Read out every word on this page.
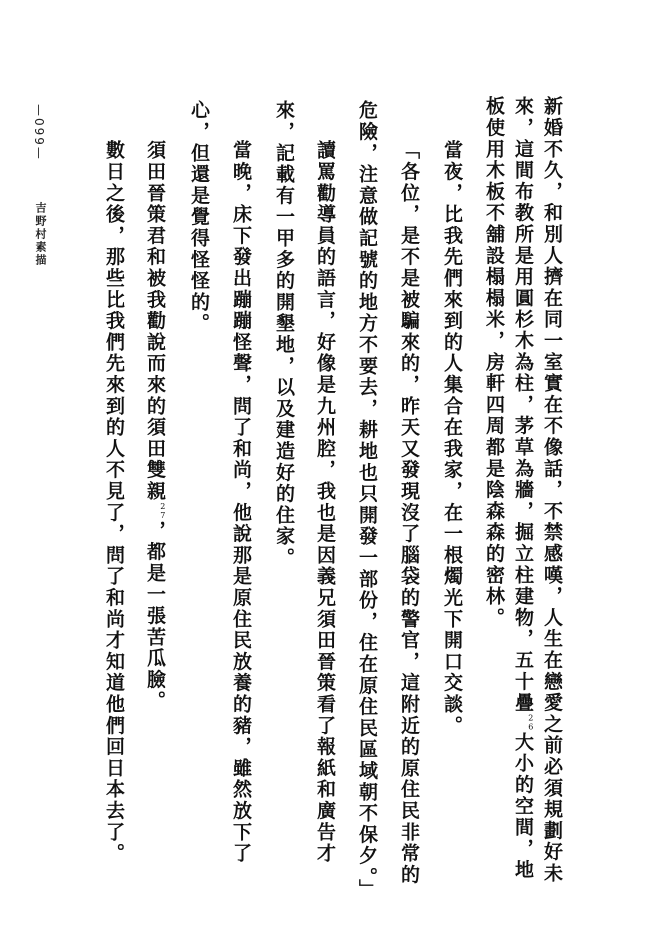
新婚不久，和別人擠在同一室實在不像話，不禁感嘆，人生在戀愛之前必須規劃好未
來，這間布教所是用圓杉木為柱，茅草為牆，掘立柱建物，五十疊$^{26}$大小的空間，地
板使用木板不舖設榻榻米，房軒四周都是陰森森的密林。
當夜，比我先們來到的人集合在我家，在一根燭光下開口交談。
「各位，是不是被騙來的，昨天又發現沒了腦袋的警官，這附近的原住民非常的
危險，注意做記號的地方不要去，耕地也只開發一部份，住在原住民區域朝不保夕。」
讀罵勸導員的語言，好像是九州腔，我也是因義兄須田晉策看了報紙和廣告才
來，記載有一甲多的開墾地，以及建造好的住家。
當晚，床下發出蹦蹦怪聲，問了和尚，他說那是原住民放養的豬，雖然放下了
心，但還是覺得怪怪的。
須田晉策君和被我勸說而來的須田雙親$^{27}$，都是一張苦瓜臉。
數日之後，那些比我們先來到的人不見了，問了和尚才知道他們回日本去了。
—099—
吉野村素描
